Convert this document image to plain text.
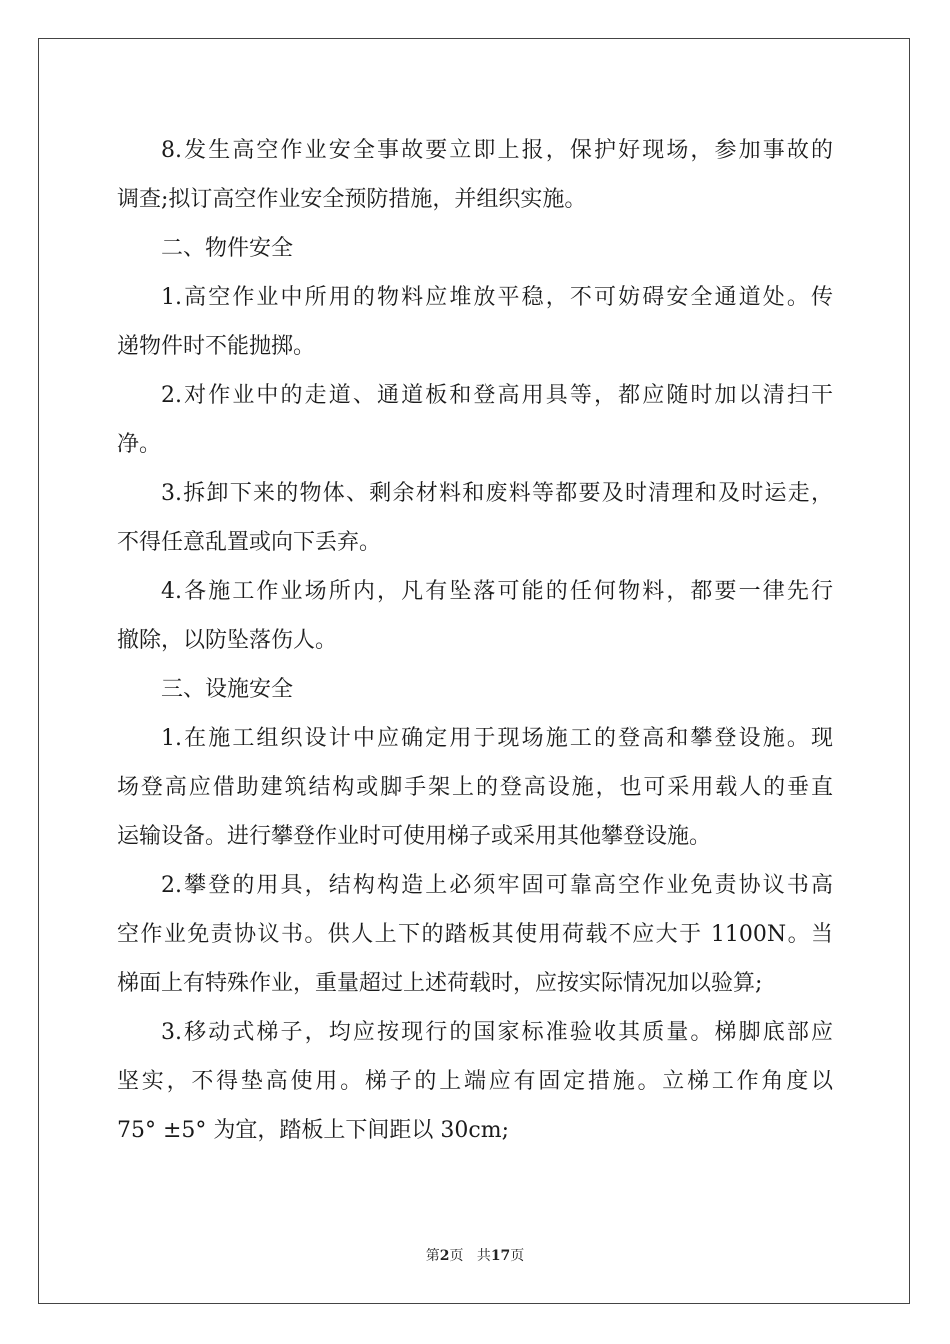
8.发生高空作业安全事故要立即上报，保护好现场，参加事故的
调查;拟订高空作业安全预防措施，并组织实施。
二、物件安全
1.高空作业中所用的物料应堆放平稳，不可妨碍安全通道处。传
递物件时不能抛掷。
2.对作业中的走道、通道板和登高用具等，都应随时加以清扫干
净。
3.拆卸下来的物体、剩余材料和废料等都要及时清理和及时运走，
不得任意乱置或向下丢弃。
4.各施工作业场所内，凡有坠落可能的任何物料，都要一律先行
撤除，以防坠落伤人。
三、设施安全
1.在施工组织设计中应确定用于现场施工的登高和攀登设施。现
场登高应借助建筑结构或脚手架上的登高设施，也可采用载人的垂直
运输设备。进行攀登作业时可使用梯子或采用其他攀登设施。
2.攀登的用具，结构构造上必须牢固可靠高空作业免责协议书高
空作业免责协议书。供人上下的踏板其使用荷载不应大于 1100N。当
梯面上有特殊作业，重量超过上述荷载时，应按实际情况加以验算;
3.移动式梯子，均应按现行的国家标准验收其质量。梯脚底部应
坚实，不得垫高使用。梯子的上端应有固定措施。立梯工作角度以
75° ±5° 为宜，踏板上下间距以 30cm;
第2页 共17页
